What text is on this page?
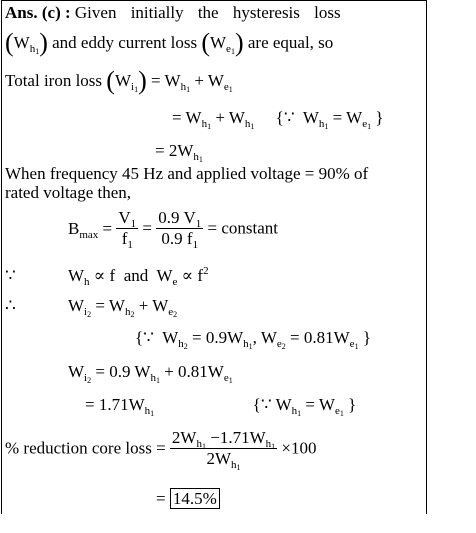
Ans. (c) : Given initially the hysteresis loss
$(W_{h_1})$ and eddy current loss $(W_{e_1})$ are equal, so
Total iron loss $(W_{i_1}) = W_{h_1} + W_{e_1}$
= $W_{h_1} + W_{h_1}$     {∵  $W_{h_1} = W_{e_1}$ }
= $2W_{h_1}$
When frequency 45 Hz and applied voltage = 90% of
rated voltage then,
$B_{max} = \frac{V_1}{f_1} = \frac{0.9 V_1}{0.9 f_1}$ = constant
∵	$W_h \propto f$  and  $W_e \propto f^2$
∴	$W_{i_2} = W_{h_2} + W_{e_2}$
{∵  $W_{h_2} = 0.9W_{h_1}$, $W_{e_2} = 0.81W_{e_1}$ }
$W_{i_2} = 0.9$ $W_{h_1} + 0.81W_{e_1}$
= $1.71W_{h_1}$	{∵ $W_{h_1} = W_{e_1}$ }
% reduction core loss = $\frac{2W_{h_1} -1.71W_{h_1}}{2W_{h_1}} \times 100$
= 14.5%
